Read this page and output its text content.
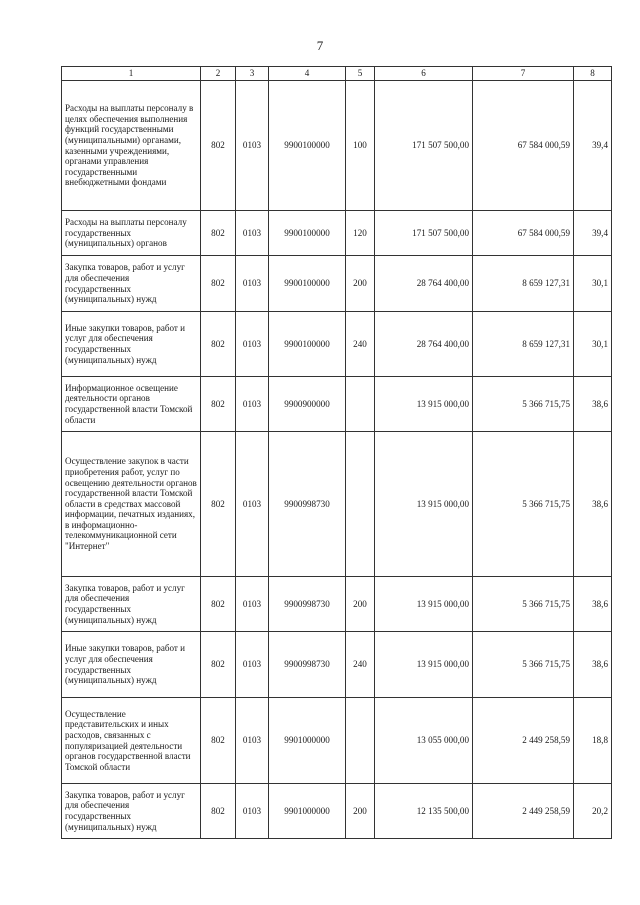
7
1	2	3	4	5	6	7	8
Расходы на выплаты персоналу в целях обеспечения выполнения функций государственными (муниципальными) органами, казенными учреждениями, органами управления государственными внебюджетными фондами	802	0103	9900100000	100	171 507 500,00	67 584 000,59	39,4
Расходы на выплаты персоналу государственных (муниципальных) органов	802	0103	9900100000	120	171 507 500,00	67 584 000,59	39,4
Закупка товаров, работ и услуг для обеспечения государственных (муниципальных) нужд	802	0103	9900100000	200	28 764 400,00	8 659 127,31	30,1
Иные закупки товаров, работ и услуг для обеспечения государственных (муниципальных) нужд	802	0103	9900100000	240	28 764 400,00	8 659 127,31	30,1
Информационное освещение деятельности органов государственной власти Томской области	802	0103	9900900000		13 915 000,00	5 366 715,75	38,6
Осуществление закупок в части приобретения работ, услуг по освещению деятельности органов государственной власти Томской области в средствах массовой информации, печатных изданиях, в информационно-телекоммуникационной сети "Интернет"	802	0103	9900998730		13 915 000,00	5 366 715,75	38,6
Закупка товаров, работ и услуг для обеспечения государственных (муниципальных) нужд	802	0103	9900998730	200	13 915 000,00	5 366 715,75	38,6
Иные закупки товаров, работ и услуг для обеспечения государственных (муниципальных) нужд	802	0103	9900998730	240	13 915 000,00	5 366 715,75	38,6
Осуществление представительских и иных расходов, связанных с популяризацией деятельности органов государственной власти Томской области	802	0103	9901000000		13 055 000,00	2 449 258,59	18,8
Закупка товаров, работ и услуг для обеспечения государственных (муниципальных) нужд	802	0103	9901000000	200	12 135 500,00	2 449 258,59	20,2
